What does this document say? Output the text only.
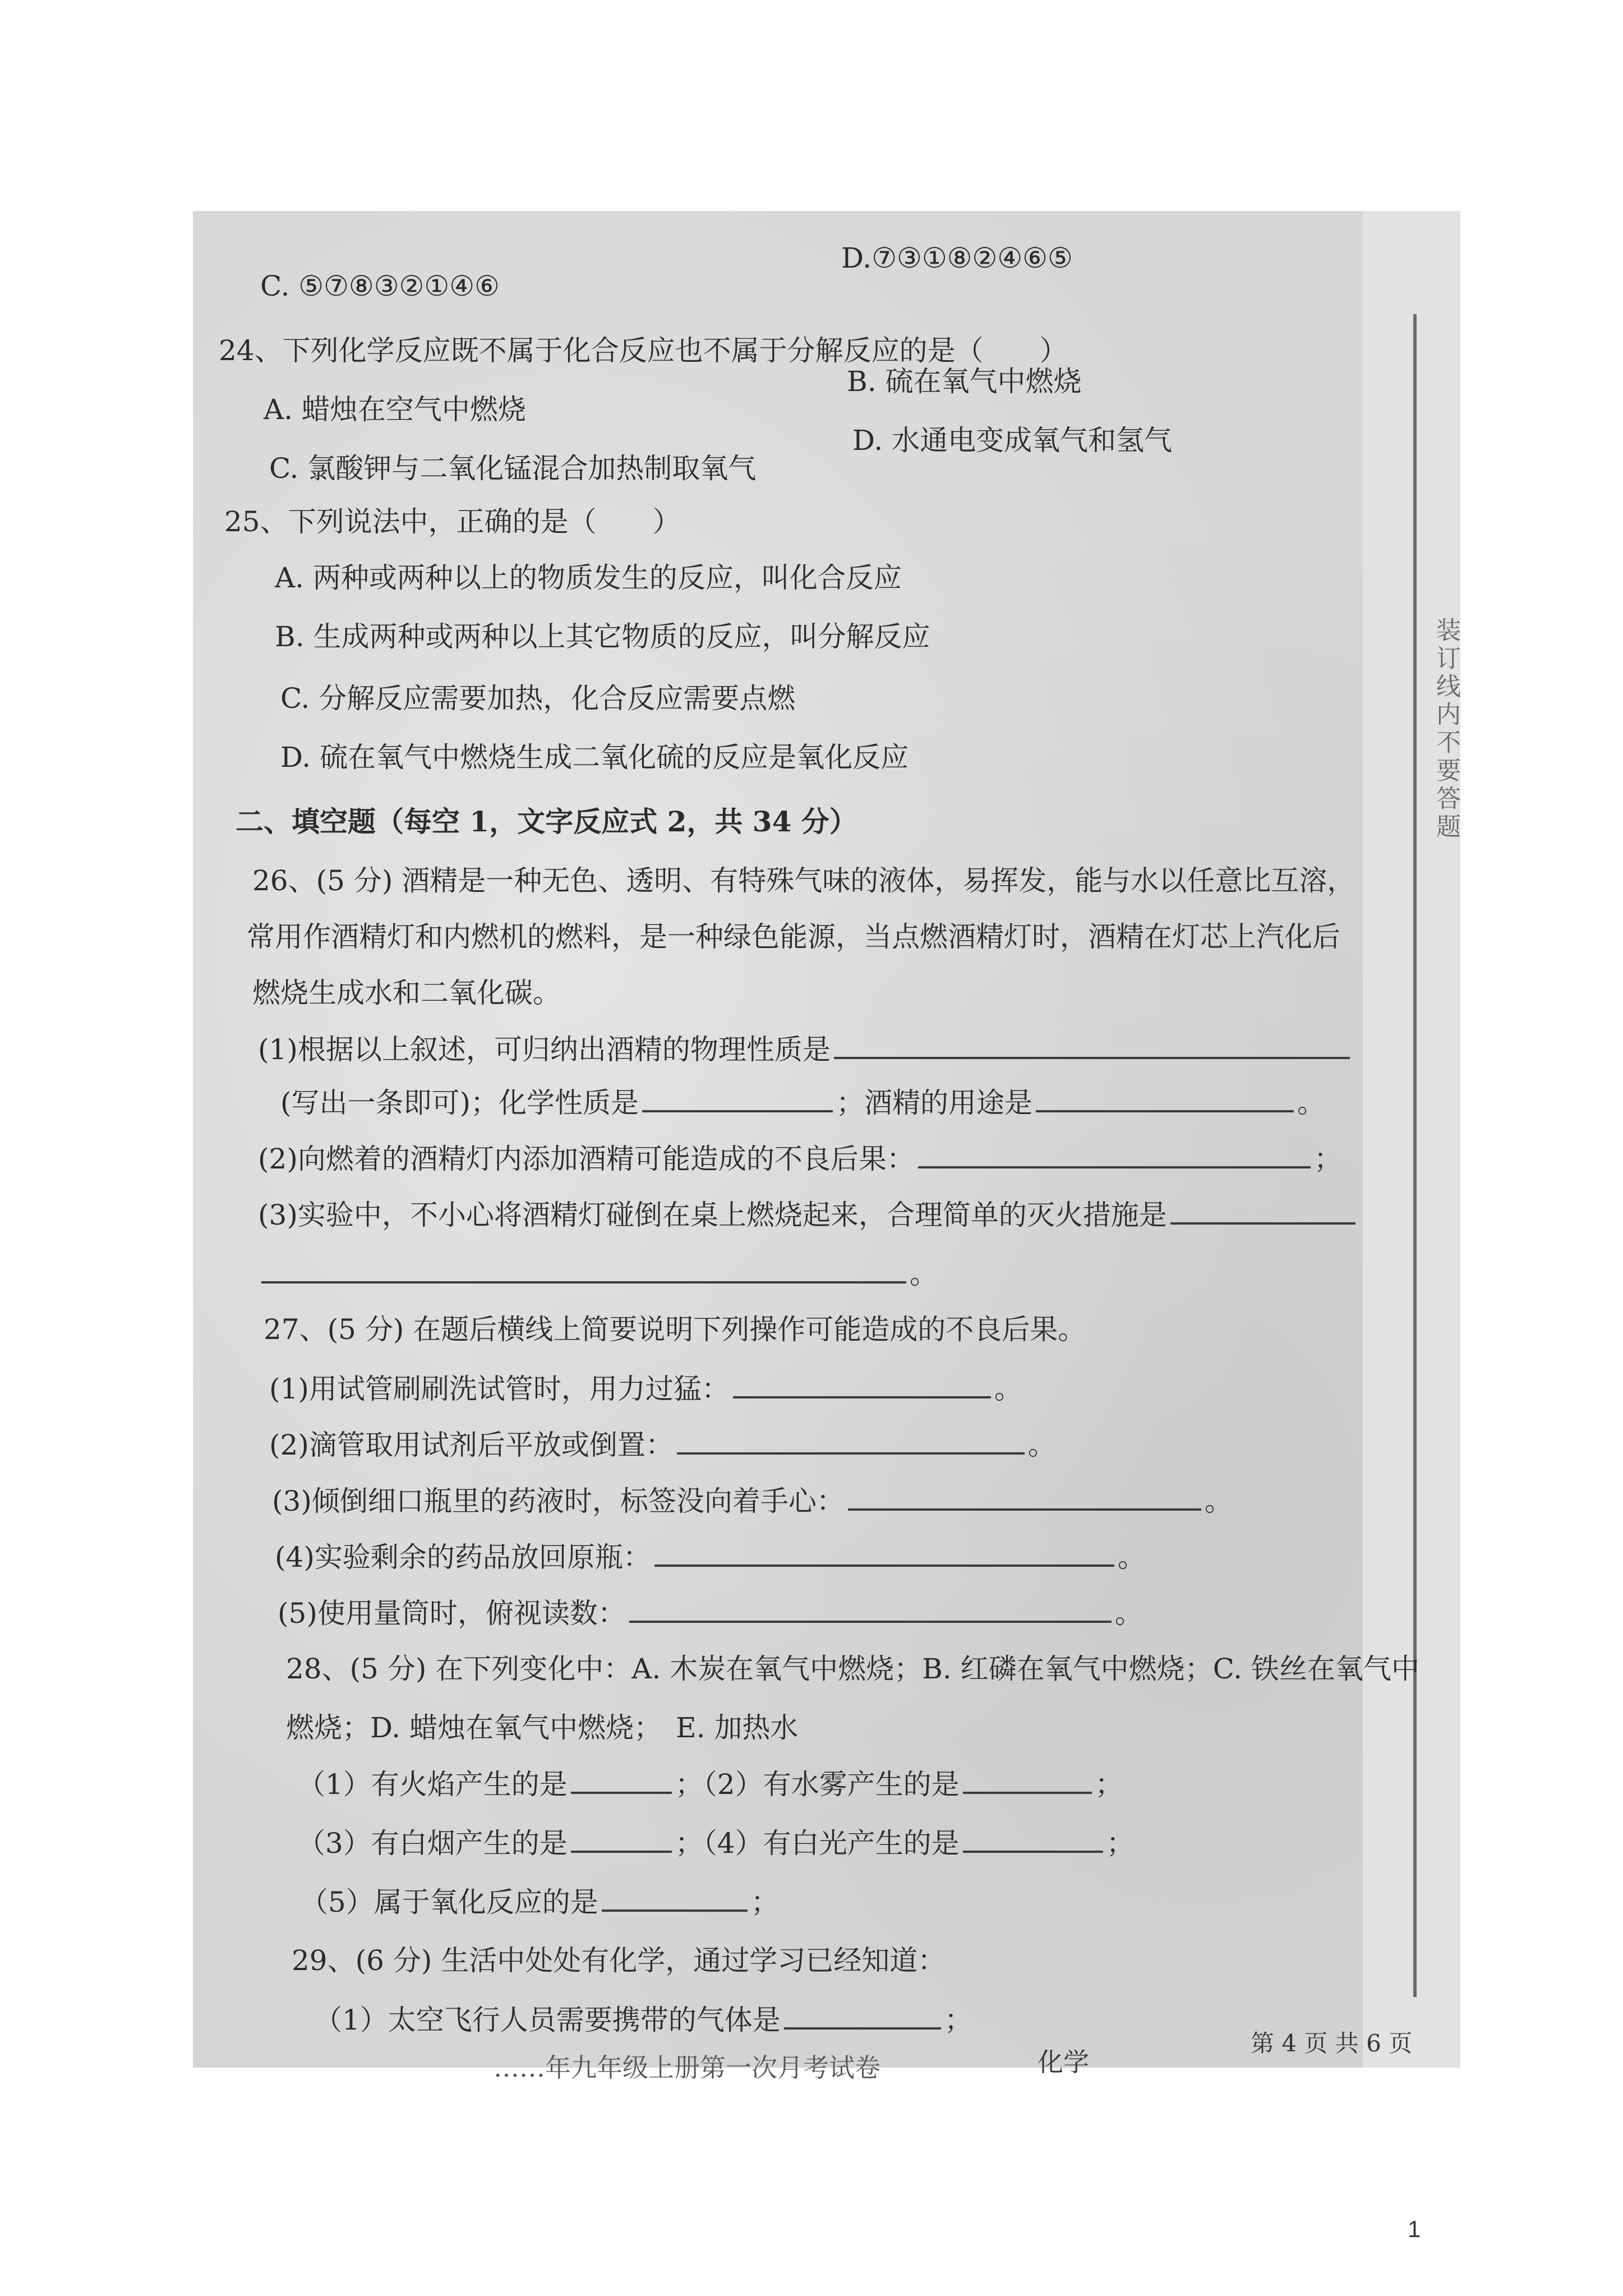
装订线内不要答题
C. ⑤⑦⑧③②①④⑥
D.⑦③①⑧②④⑥⑤
24、下列化学反应既不属于化合反应也不属于分解反应的是（　　）
A. 蜡烛在空气中燃烧
B. 硫在氧气中燃烧
C. 氯酸钾与二氧化锰混合加热制取氧气
D. 水通电变成氧气和氢气
25、下列说法中，正确的是（　　）
A. 两种或两种以上的物质发生的反应，叫化合反应
B. 生成两种或两种以上其它物质的反应，叫分解反应
C. 分解反应需要加热，化合反应需要点燃
D. 硫在氧气中燃烧生成二氧化硫的反应是氧化反应
二、填空题（每空 1，文字反应式 2，共 34 分）
26、(5 分) 酒精是一种无色、透明、有特殊气味的液体，易挥发，能与水以任意比互溶，
常用作酒精灯和内燃机的燃料，是一种绿色能源，当点燃酒精灯时，酒精在灯芯上汽化后
燃烧生成水和二氧化碳。
(1)根据以上叙述，可归纳出酒精的物理性质是
(写出一条即可)；化学性质是	；酒精的用途是	。
(2)向燃着的酒精灯内添加酒精可能造成的不良后果：	；
(3)实验中，不小心将酒精灯碰倒在桌上燃烧起来，合理简单的灭火措施是
。
27、(5 分) 在题后横线上简要说明下列操作可能造成的不良后果。
(1)用试管刷刷洗试管时，用力过猛：	。
(2)滴管取用试剂后平放或倒置：	。
(3)倾倒细口瓶里的药液时，标签没向着手心：	。
(4)实验剩余的药品放回原瓶：	。
(5)使用量筒时，俯视读数：	。
28、(5 分) 在下列变化中：A. 木炭在氧气中燃烧；B. 红磷在氧气中燃烧；C. 铁丝在氧气中
燃烧；D. 蜡烛在氧气中燃烧；　E. 加热水
（1）有火焰产生的是	；（2）有水雾产生的是	；
（3）有白烟产生的是	；（4）有白光产生的是	；
（5）属于氧化反应的是	；
29、(6 分) 生活中处处有化学，通过学习已经知道：
（1）太空飞行人员需要携带的气体是	；
……年九年级上册第一次月考试卷	化学
第 4 页 共 6 页
1
